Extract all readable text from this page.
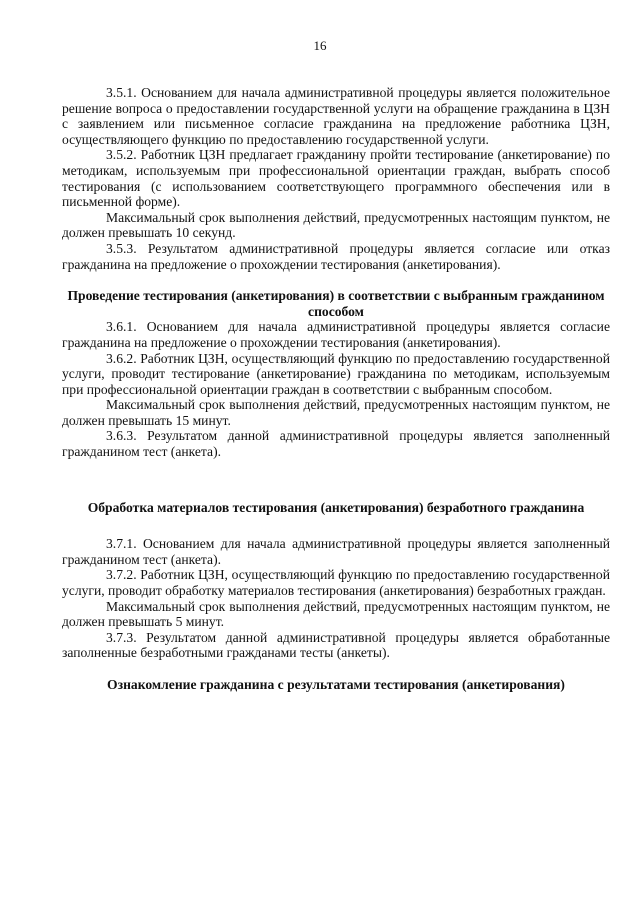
16

3.5.1. Основанием для начала административной процедуры является положительное решение вопроса о предоставлении государственной услуги на обращение гражданина в ЦЗН с заявлением или письменное согласие гражданина на предложение работника ЦЗН, осуществляющего функцию по предоставлению государственной услуги.

3.5.2. Работник ЦЗН предлагает гражданину пройти тестирование (анкетирование) по методикам, используемым при профессиональной ориентации граждан, выбрать способ тестирования (с использованием соответствующего программного обеспечения или в письменной форме).

Максимальный срок выполнения действий, предусмотренных настоящим пунктом, не должен превышать 10 секунд.

3.5.3. Результатом административной процедуры является согласие или отказ гражданина на предложение о прохождении тестирования (анкетирования).

Проведение тестирования (анкетирования) в соответствии с выбранным гражданином способом

3.6.1. Основанием для начала административной процедуры является согласие гражданина на предложение о прохождении тестирования (анкетирования).

3.6.2. Работник ЦЗН, осуществляющий функцию по предоставлению государственной услуги, проводит тестирование (анкетирование) гражданина по методикам, используемым при профессиональной ориентации граждан в соответствии с выбранным способом.

Максимальный срок выполнения действий, предусмотренных настоящим пунктом, не должен превышать 15 минут.

3.6.3. Результатом данной административной процедуры является заполненный гражданином тест (анкета).

Обработка материалов тестирования (анкетирования) безработного гражданина

3.7.1. Основанием для начала административной процедуры является заполненный гражданином тест (анкета).

3.7.2. Работник ЦЗН, осуществляющий функцию по предоставлению государственной услуги, проводит обработку материалов тестирования (анкетирования) безработных граждан.

Максимальный срок выполнения действий, предусмотренных настоящим пунктом, не должен превышать 5 минут.

3.7.3. Результатом данной административной процедуры является обработанные заполненные безработными гражданами тесты (анкеты).

Ознакомление гражданина с результатами тестирования (анкетирования)
